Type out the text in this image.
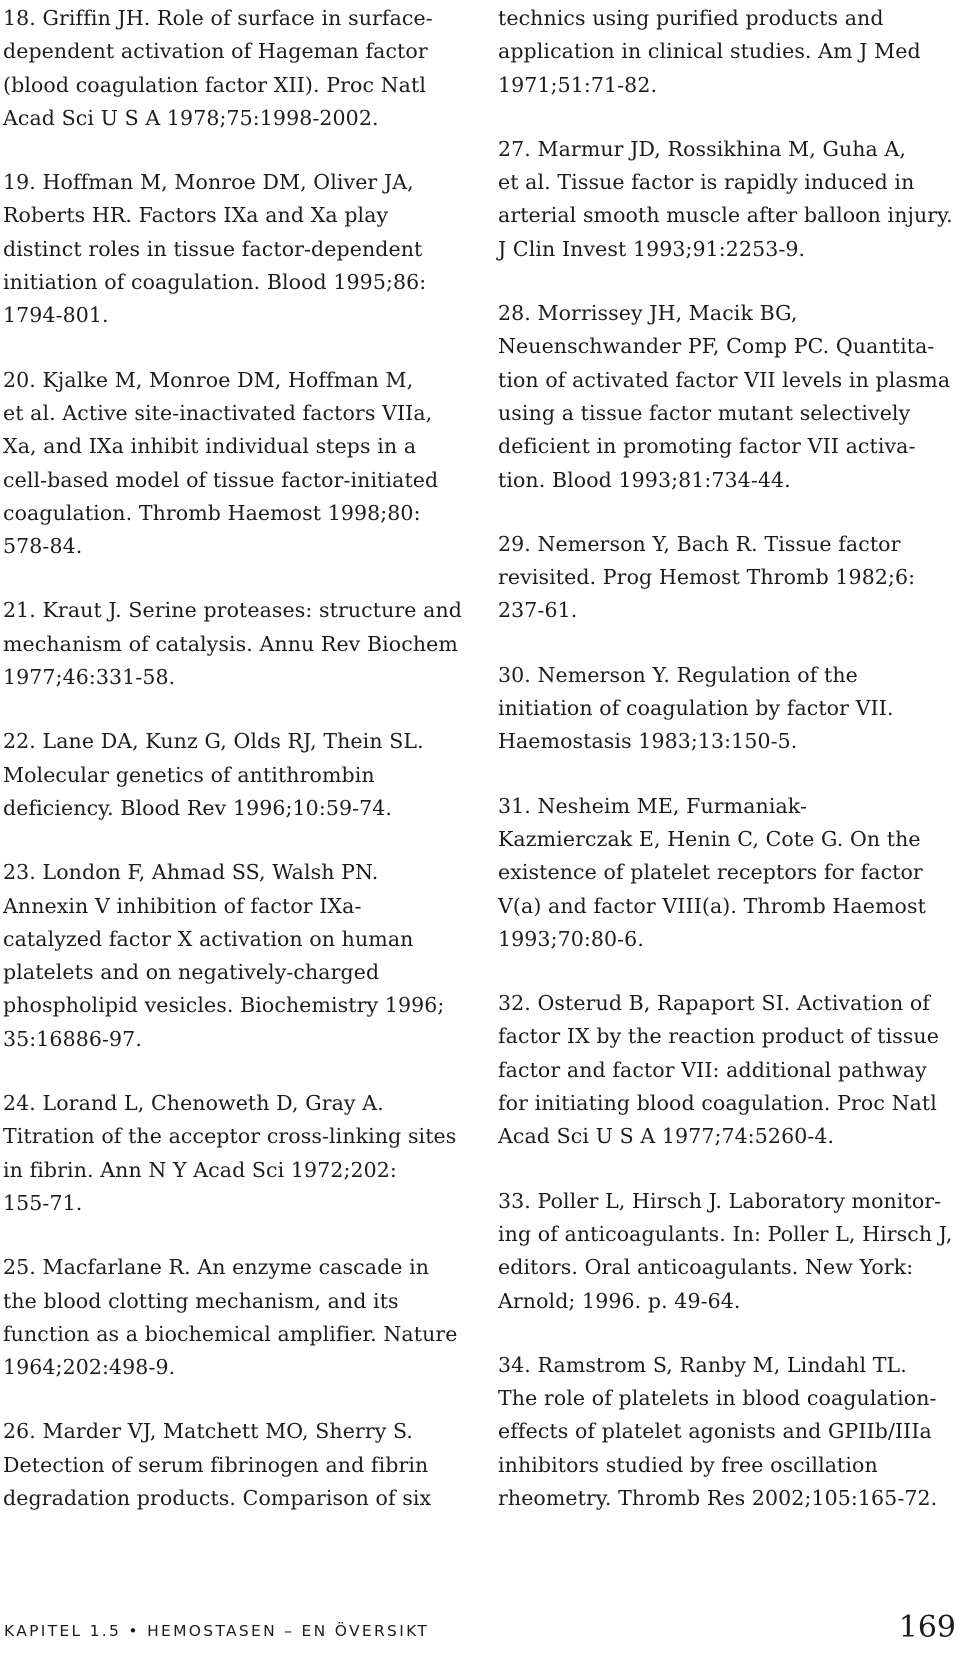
18. Griffin JH. Role of surface in surface-
dependent activation of Hageman factor
(blood coagulation factor XII). Proc Natl
Acad Sci U S A 1978;75:1998-2002.
19. Hoffman M, Monroe DM, Oliver JA,
Roberts HR. Factors IXa and Xa play
distinct roles in tissue factor-dependent
initiation of coagulation. Blood 1995;86:
1794-801.
20. Kjalke M, Monroe DM, Hoffman M,
et al. Active site-inactivated factors VIIa,
Xa, and IXa inhibit individual steps in a
cell-based model of tissue factor-initiated
coagulation. Thromb Haemost 1998;80:
578-84.
21. Kraut J. Serine proteases: structure and
mechanism of catalysis. Annu Rev Biochem
1977;46:331-58.
22. Lane DA, Kunz G, Olds RJ, Thein SL.
Molecular genetics of antithrombin
deficiency. Blood Rev 1996;10:59-74.
23. London F, Ahmad SS, Walsh PN.
Annexin V inhibition of factor IXa-
catalyzed factor X activation on human
platelets and on negatively-charged
phospholipid vesicles. Biochemistry 1996;
35:16886-97.
24. Lorand L, Chenoweth D, Gray A.
Titration of the acceptor cross-linking sites
in fibrin. Ann N Y Acad Sci 1972;202:
155-71.
25. Macfarlane R. An enzyme cascade in
the blood clotting mechanism, and its
function as a biochemical amplifier. Nature
1964;202:498-9.
26. Marder VJ, Matchett MO, Sherry S.
Detection of serum fibrinogen and fibrin
degradation products. Comparison of six
technics using purified products and
application in clinical studies. Am J Med
1971;51:71-82.
27. Marmur JD, Rossikhina M, Guha A,
et al. Tissue factor is rapidly induced in
arterial smooth muscle after balloon injury.
J Clin Invest 1993;91:2253-9.
28. Morrissey JH, Macik BG,
Neuenschwander PF, Comp PC. Quantita-
tion of activated factor VII levels in plasma
using a tissue factor mutant selectively
deficient in promoting factor VII activa-
tion. Blood 1993;81:734-44.
29. Nemerson Y, Bach R. Tissue factor
revisited. Prog Hemost Thromb 1982;6:
237-61.
30. Nemerson Y. Regulation of the
initiation of coagulation by factor VII.
Haemostasis 1983;13:150-5.
31. Nesheim ME, Furmaniak-
Kazmierczak E, Henin C, Cote G. On the
existence of platelet receptors for factor
V(a) and factor VIII(a). Thromb Haemost
1993;70:80-6.
32. Osterud B, Rapaport SI. Activation of
factor IX by the reaction product of tissue
factor and factor VII: additional pathway
for initiating blood coagulation. Proc Natl
Acad Sci U S A 1977;74:5260-4.
33. Poller L, Hirsch J. Laboratory monitor-
ing of anticoagulants. In: Poller L, Hirsch J,
editors. Oral anticoagulants. New York:
Arnold; 1996. p. 49-64.
34. Ramstrom S, Ranby M, Lindahl TL.
The role of platelets in blood coagulation-
effects of platelet agonists and GPIIb/IIIa
inhibitors studied by free oscillation
rheometry. Thromb Res 2002;105:165-72.
KAPITEL 1.5 • HEMOSTASEN – EN ÖVERSIKT	169
